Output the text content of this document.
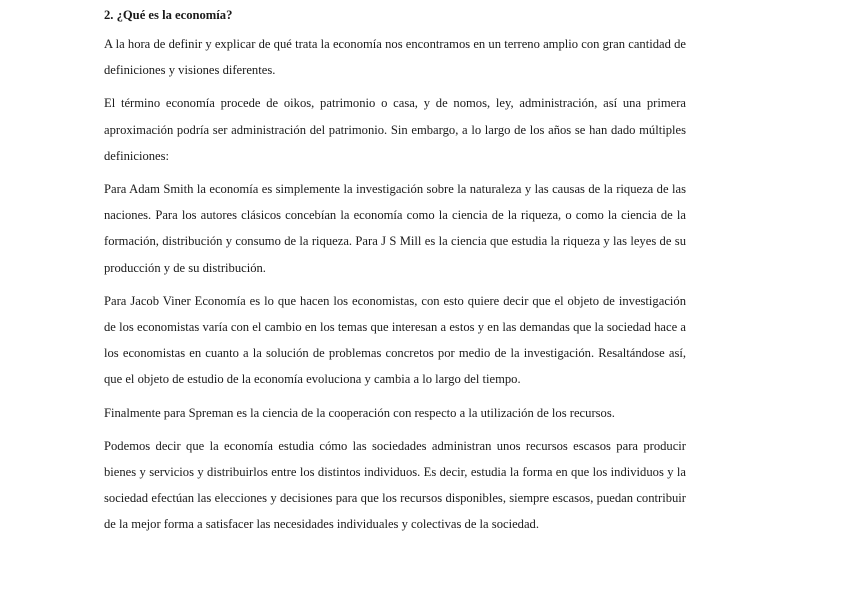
2. ¿Qué es la economía?

A la hora de definir y explicar de qué trata la economía nos encontramos en un terreno amplio con gran cantidad de definiciones y visiones diferentes.

El término economía procede de oikos, patrimonio o casa, y de nomos, ley, administración, así una primera aproximación podría ser administración del patrimonio. Sin embargo, a lo largo de los años se han dado múltiples definiciones:

Para Adam Smith la economía es simplemente la investigación sobre la naturaleza y las causas de la riqueza de las naciones. Para los autores clásicos concebían la economía como la ciencia de la riqueza, o como la ciencia de la formación, distribución y consumo de la riqueza. Para J S Mill es la ciencia que estudia la riqueza y las leyes de su producción y de su distribución.

Para Jacob Viner Economía es lo que hacen los economistas, con esto quiere decir que el objeto de investigación de los economistas varía con el cambio en los temas que interesan a estos y en las demandas que la sociedad hace a los economistas en cuanto a la solución de problemas concretos por medio de la investigación. Resaltándose así, que el objeto de estudio de la economía evoluciona y cambia a lo largo del tiempo.

Finalmente para Spreman es la ciencia de la cooperación con respecto a la utilización de los recursos.

Podemos decir que la economía estudia cómo las sociedades administran unos recursos escasos para producir bienes y servicios y distribuirlos entre los distintos individuos. Es decir, estudia la forma en que los individuos y la sociedad efectúan las elecciones y decisiones para que los recursos disponibles, siempre escasos, puedan contribuir de la mejor forma a satisfacer las necesidades individuales y colectivas de la sociedad.
